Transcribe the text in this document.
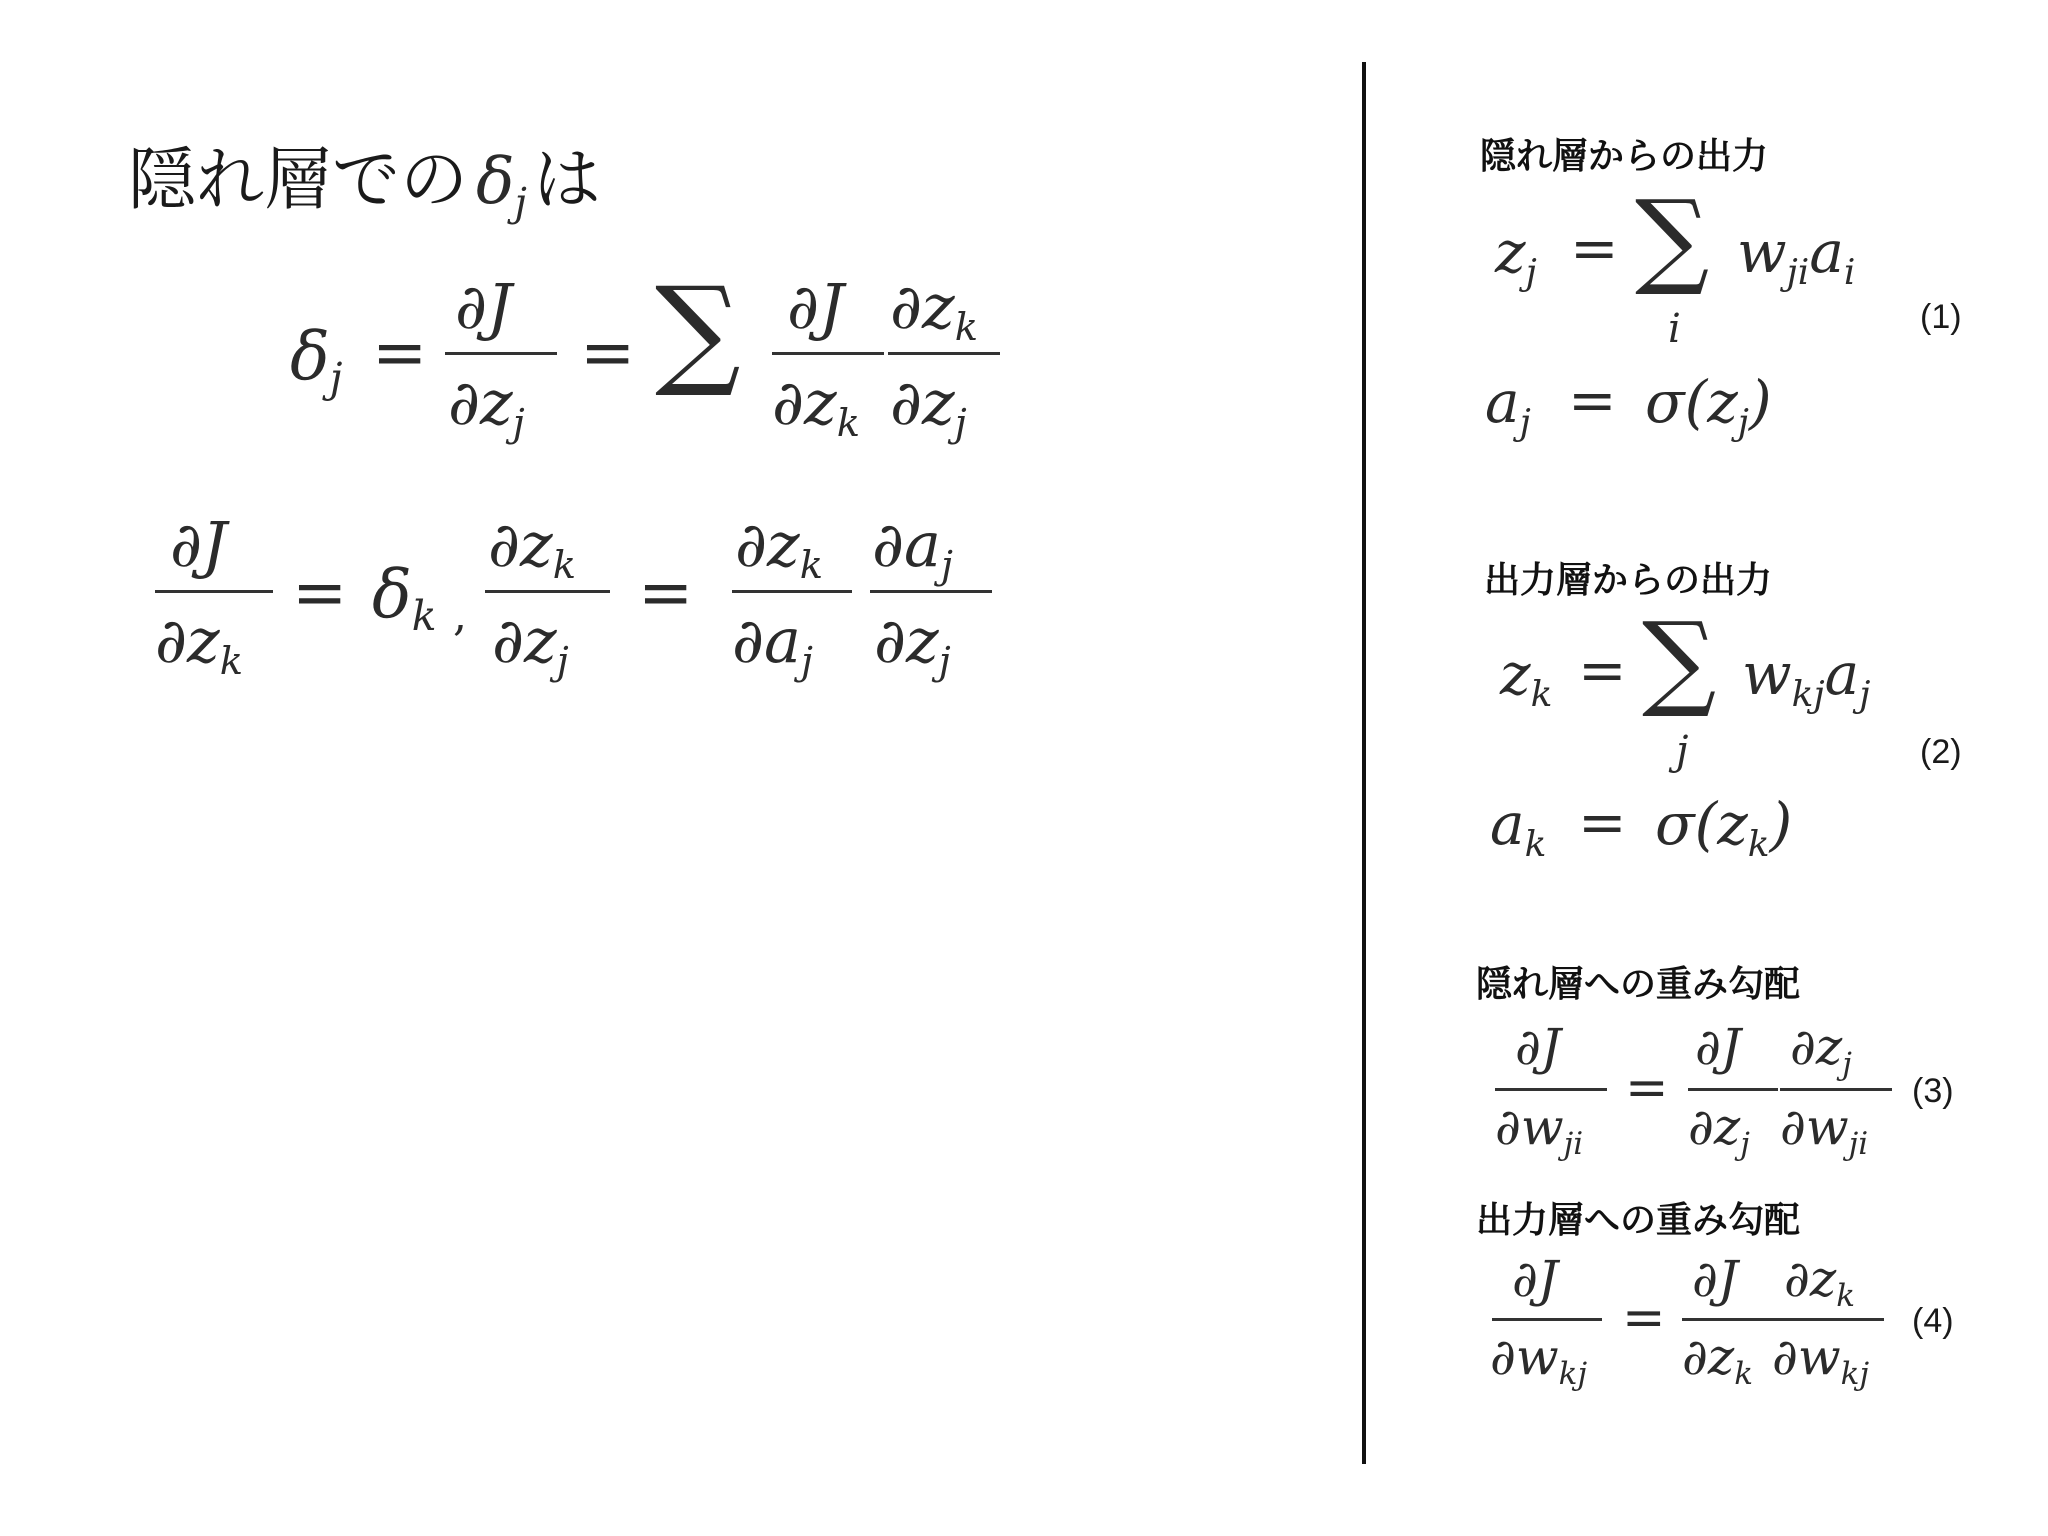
隠れ層での δjは
δj =
∂J
∂zj
= ∑ ∂J
∂zk
∂zk
∂zj
∂J
∂zk
= δk ,
∂zk
∂zj
=
∂zk
∂aj
∂aj
∂zj
隠れ層からの出力
zj = ∑
i
wjiai
aj = σ(zj)
(1)
出力層からの出力
zk = ∑
j
wkjaj
ak = σ(zk)
(2)
隠れ層への重み勾配
∂J
∂wji
=
∂J
∂zj
∂zj
∂wji
(3)
出力層への重み勾配
∂J
∂wkj
=
∂J
∂zk
∂zk
∂wkj
(4)
